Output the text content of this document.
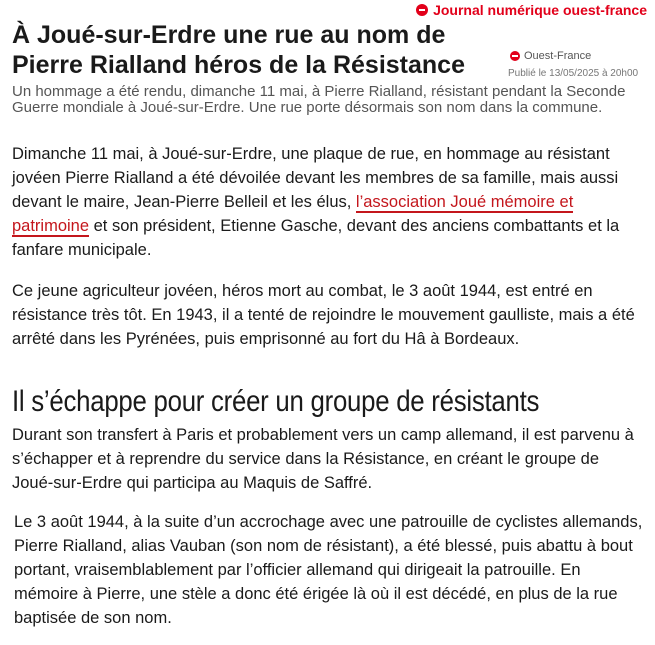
Journal numérique ouest-france
À Joué-sur-Erdre une rue au nom de Pierre Rialland héros de la Résistance	Ouest-France
Publié le 13/05/2025 à 20h00

Un hommage a été rendu, dimanche 11 mai, à Pierre Rialland, résistant pendant la Seconde Guerre mondiale à Joué-sur-Erdre. Une rue porte désormais son nom dans la commune.

Dimanche 11 mai, à Joué-sur-Erdre, une plaque de rue, en hommage au résistant jovéen Pierre Rialland a été dévoilée devant les membres de sa famille, mais aussi devant le maire, Jean-Pierre Belleil et les élus, l’association Joué mémoire et patrimoine et son président, Etienne Gasche, devant des anciens combattants et la fanfare municipale.

Ce jeune agriculteur jovéen, héros mort au combat, le 3 août 1944, est entré en résistance très tôt. En 1943, il a tenté de rejoindre le mouvement gaulliste, mais a été arrêté dans les Pyrénées, puis emprisonné au fort du Hâ à Bordeaux.

Il s’échappe pour créer un groupe de résistants

Durant son transfert à Paris et probablement vers un camp allemand, il est parvenu à s’échapper et à reprendre du service dans la Résistance, en créant le groupe de Joué-sur-Erdre qui participa au Maquis de Saffré.

Le 3 août 1944, à la suite d’un accrochage avec une patrouille de cyclistes allemands, Pierre Rialland, alias Vauban (son nom de résistant), a été blessé, puis abattu à bout portant, vraisemblablement par l’officier allemand qui dirigeait la patrouille. En mémoire à Pierre, une stèle a donc été érigée là où il est décédé, en plus de la rue baptisée de son nom.
